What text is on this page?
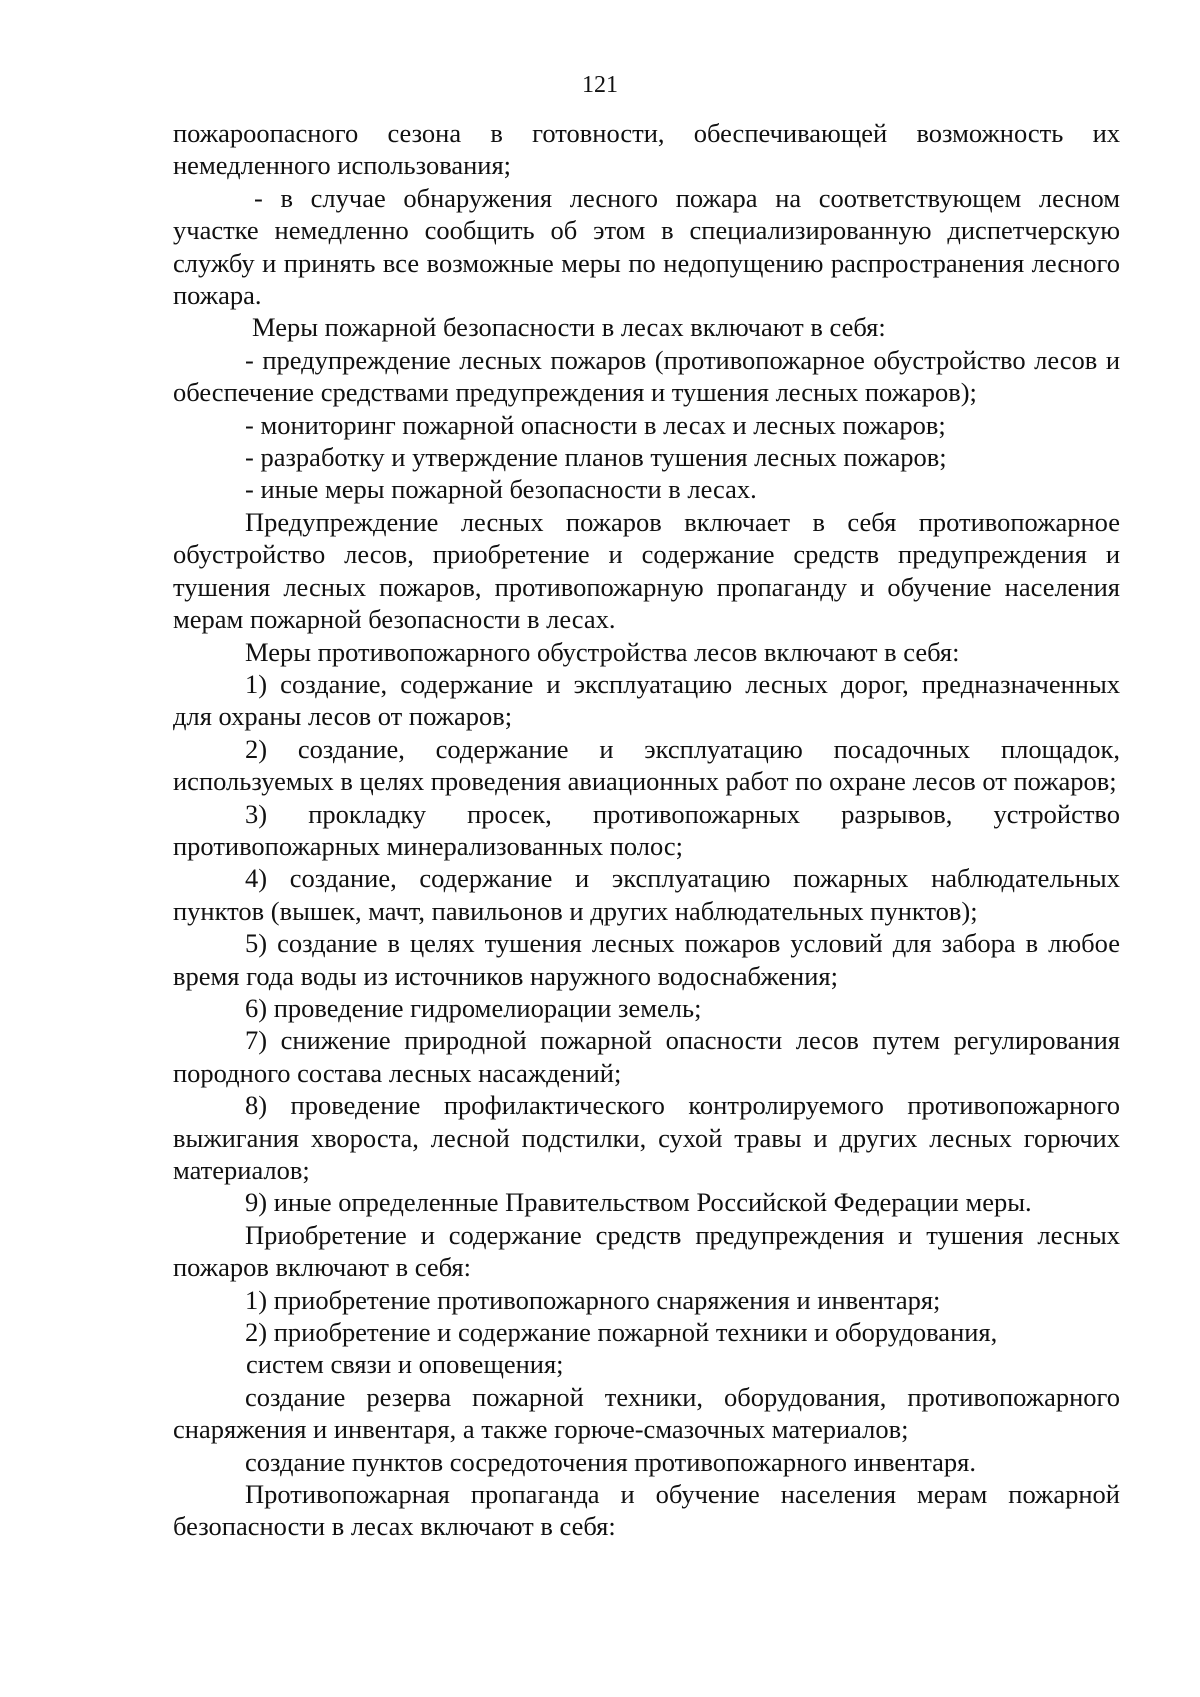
121

пожароопасного сезона в готовности, обеспечивающей возможность их немедленного использования;

- в случае обнаружения лесного пожара на соответствующем лесном участке немедленно сообщить об этом в специализированную диспетчерскую службу и принять все возможные меры по недопущению распространения лесного пожара.

Меры пожарной безопасности в лесах включают в себя:

- предупреждение лесных пожаров (противопожарное обустройство лесов и обеспечение средствами предупреждения и тушения лесных пожаров);

- мониторинг пожарной опасности в лесах и лесных пожаров;

- разработку и утверждение планов тушения лесных пожаров;

- иные меры пожарной безопасности в лесах.

Предупреждение лесных пожаров включает в себя противопожарное обустройство лесов, приобретение и содержание средств предупреждения и тушения лесных пожаров, противопожарную пропаганду и обучение населения мерам пожарной безопасности в лесах.

Меры противопожарного обустройства лесов включают в себя:

1) создание, содержание и эксплуатацию лесных дорог, предназначенных для охраны лесов от пожаров;

2) создание, содержание и эксплуатацию посадочных площадок, используемых в целях проведения авиационных работ по охране лесов от пожаров;

3) прокладку просек, противопожарных разрывов, устройство противопожарных минерализованных полос;

4) создание, содержание и эксплуатацию пожарных наблюдательных пунктов (вышек, мачт, павильонов и других наблюдательных пунктов);

5) создание в целях тушения лесных пожаров условий для забора в любое время года воды из источников наружного водоснабжения;

6) проведение гидромелиорации земель;

7) снижение природной пожарной опасности лесов путем регулирования породного состава лесных насаждений;

8) проведение профилактического контролируемого противопожарного выжигания хвороста, лесной подстилки, сухой травы и других лесных горючих материалов;

9) иные определенные Правительством Российской Федерации меры.

Приобретение и содержание средств предупреждения и тушения лесных пожаров включают в себя:

1) приобретение противопожарного снаряжения и инвентаря;

2) приобретение и содержание пожарной техники и оборудования,

систем связи и оповещения;

создание резерва пожарной техники, оборудования, противопожарного снаряжения и инвентаря, а также горюче-смазочных материалов;

создание пунктов сосредоточения противопожарного инвентаря.

Противопожарная пропаганда и обучение населения мерам пожарной безопасности в лесах включают в себя:
